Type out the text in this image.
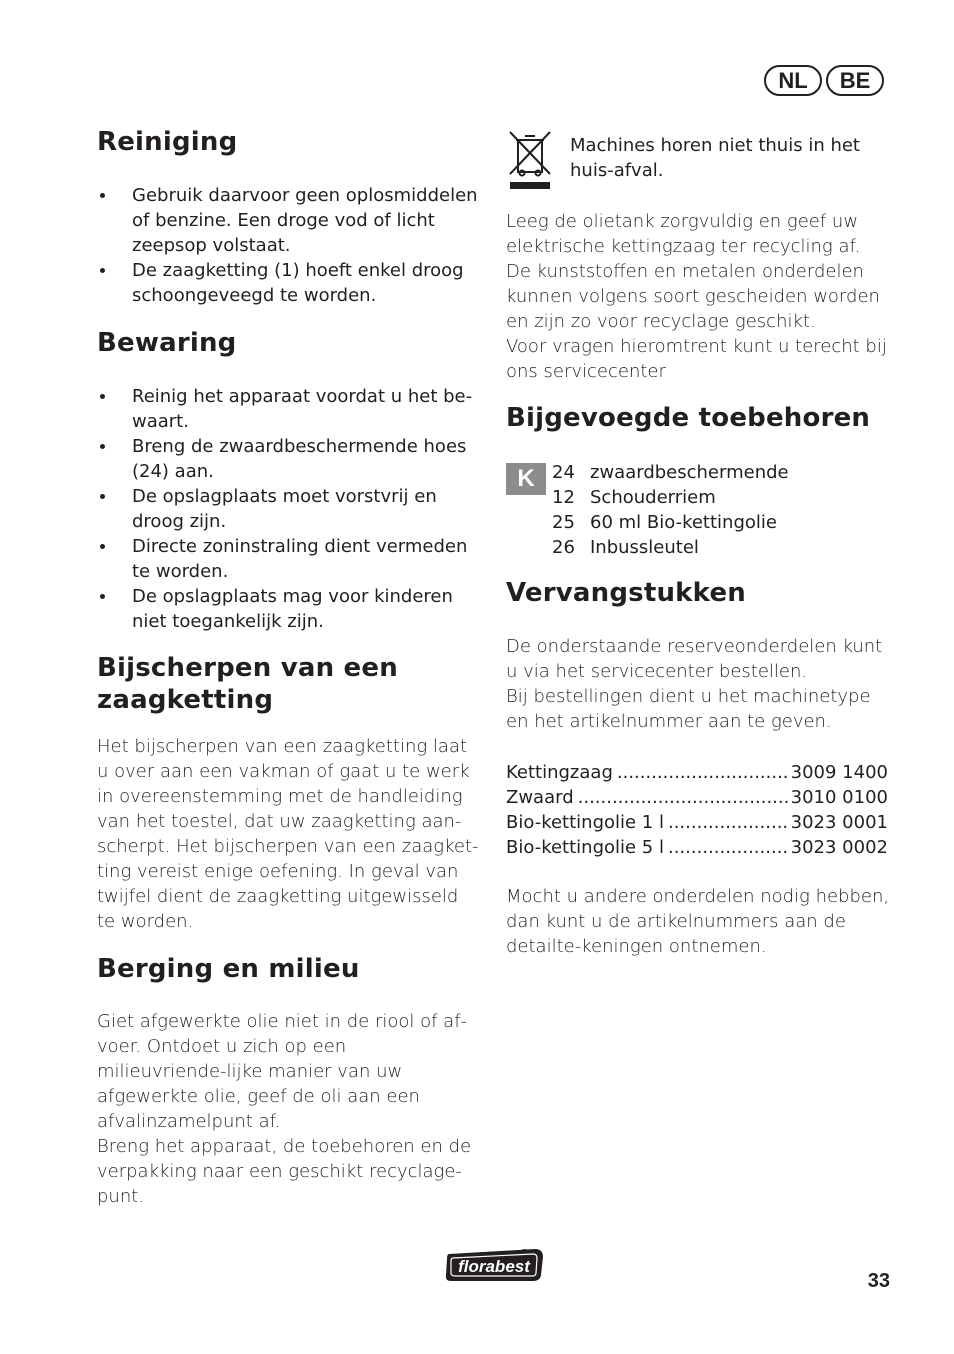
NL	BE
Reiniging
Gebruik daarvoor geen oplosmiddelen of benzine. Een droge vod of licht zeepsop volstaat.
De zaagketting (1) hoeft enkel droog schoongeveegd te worden.
Bewaring
Reinig het apparaat voordat u het be-waart.
Breng de zwaardbeschermende hoes (24) aan.
De opslagplaats moet vorstvrij en droog zijn.
Directe zoninstraling dient vermeden te worden.
De opslagplaats mag voor kinderen niet toegankelijk zijn.
Bijscherpen van een
zaagketting

Het bijscherpen van een zaagketting laat u over aan een vakman of gaat u te werk in overeenstemming met de handleiding van het toestel, dat uw zaagketting aan-scherpt. Het bijscherpen van een zaagket-ting vereist enige oefening. In geval van twijfel dient de zaagketting uitgewisseld te worden.

Berging en milieu

Giet afgewerkte olie niet in de riool of af-voer. Ontdoet u zich op een milieuvriende-lijke manier van uw afgewerkte olie, geef de oli aan een afvalinzamelpunt af.

Breng het apparaat, de toebehoren en de verpakking naar een geschikt recyclage-punt.

Machines horen niet thuis in het huis-afval.

Leeg de olietank zorgvuldig en geef uw elektrische kettingzaag ter recycling af. De kunststoffen en metalen onderdelen kunnen volgens soort gescheiden worden en zijn zo voor recyclage geschikt.

Voor vragen hieromtrent kunt u terecht bij ons servicecenter

Bijgevoegde toebehoren
K 24 zwaardbeschermende
12 Schouderriem
25 60 ml Bio-kettingolie
26 Inbussleutel
Vervangstukken

De onderstaande reserveonderdelen kunt u via het servicecenter bestellen.

Bij bestellingen dient u het machinetype en het artikelnummer aan te geven.

Kettingzaag .....	3009 1400
Zwaard .....	3010 0100
Bio-kettingolie 1 l .....	3023 0001
Bio-kettingolie 5 l .....	3023 0002

Mocht u andere onderdelen nodig hebben, dan kunt u de artikelnummers aan de detailte-keningen ontnemen.

florabest
33
